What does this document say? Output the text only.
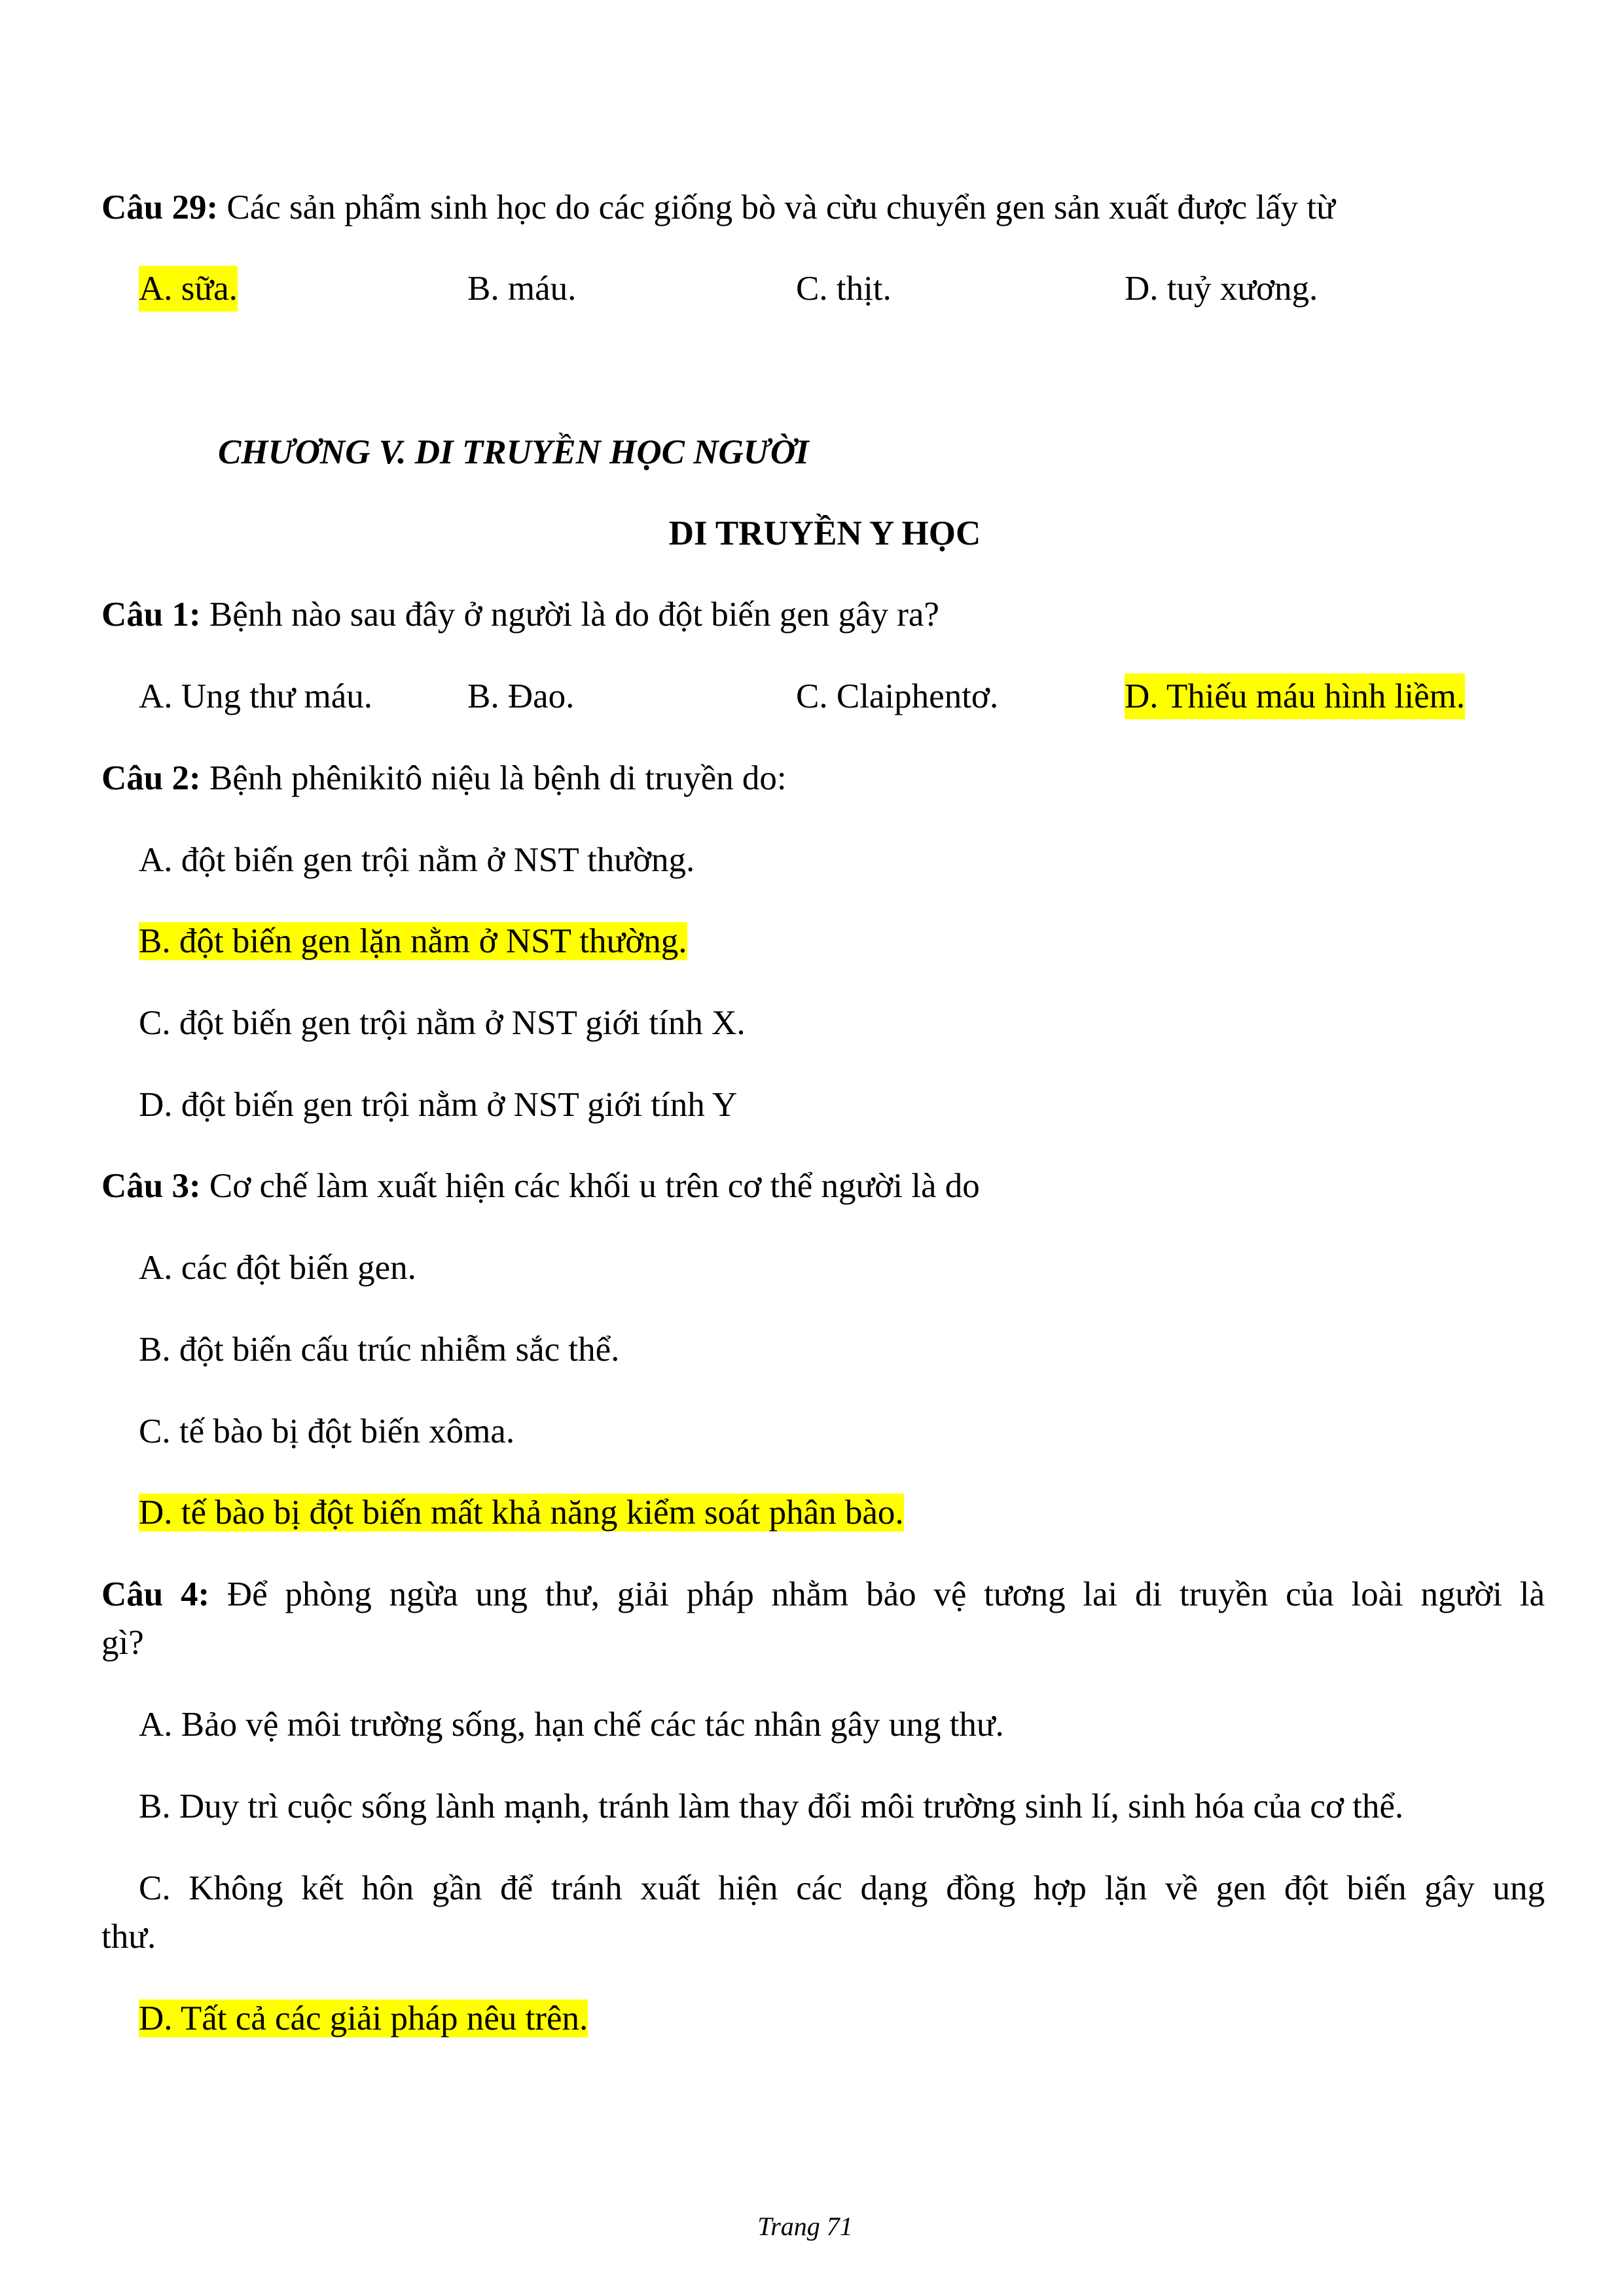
Câu 29: Các sản phẩm sinh học do các giống bò và cừu chuyển gen sản xuất được lấy từ
A. sữa.	B. máu.	C. thịt.	D. tuỷ xương.
CHƯƠNG V. DI TRUYỀN HỌC NGƯỜI
DI TRUYỀN Y HỌC
Câu 1: Bệnh nào sau đây ở người là do đột biến gen gây ra?
A. Ung thư máu.	B. Đao.	C. Claiphentơ.	D. Thiếu máu hình liềm.
Câu 2: Bệnh phênikitô niệu là bệnh di truyền do:
A. đột biến gen trội nằm ở NST thường.
B. đột biến gen lặn nằm ở NST thường.
C. đột biến gen trội nằm ở NST giới tính X.
D. đột biến gen trội nằm ở NST giới tính Y
Câu 3: Cơ chế làm xuất hiện các khối u trên cơ thể người là do
A. các đột biến gen.
B. đột biến cấu trúc nhiễm sắc thể.
C. tế bào bị đột biến xôma.
D. tế bào bị đột biến mất khả năng kiểm soát phân bào.
Câu 4: Để phòng ngừa ung thư, giải pháp nhằm bảo vệ tương lai di truyền của loài người là
gì?
A. Bảo vệ môi trường sống, hạn chế các tác nhân gây ung thư.
B. Duy trì cuộc sống lành mạnh, tránh làm thay đổi môi trường sinh lí, sinh hóa của cơ thể.
C. Không kết hôn gần để tránh xuất hiện các dạng đồng hợp lặn về gen đột biến gây ung
thư.
D. Tất cả các giải pháp nêu trên.
Trang 71
